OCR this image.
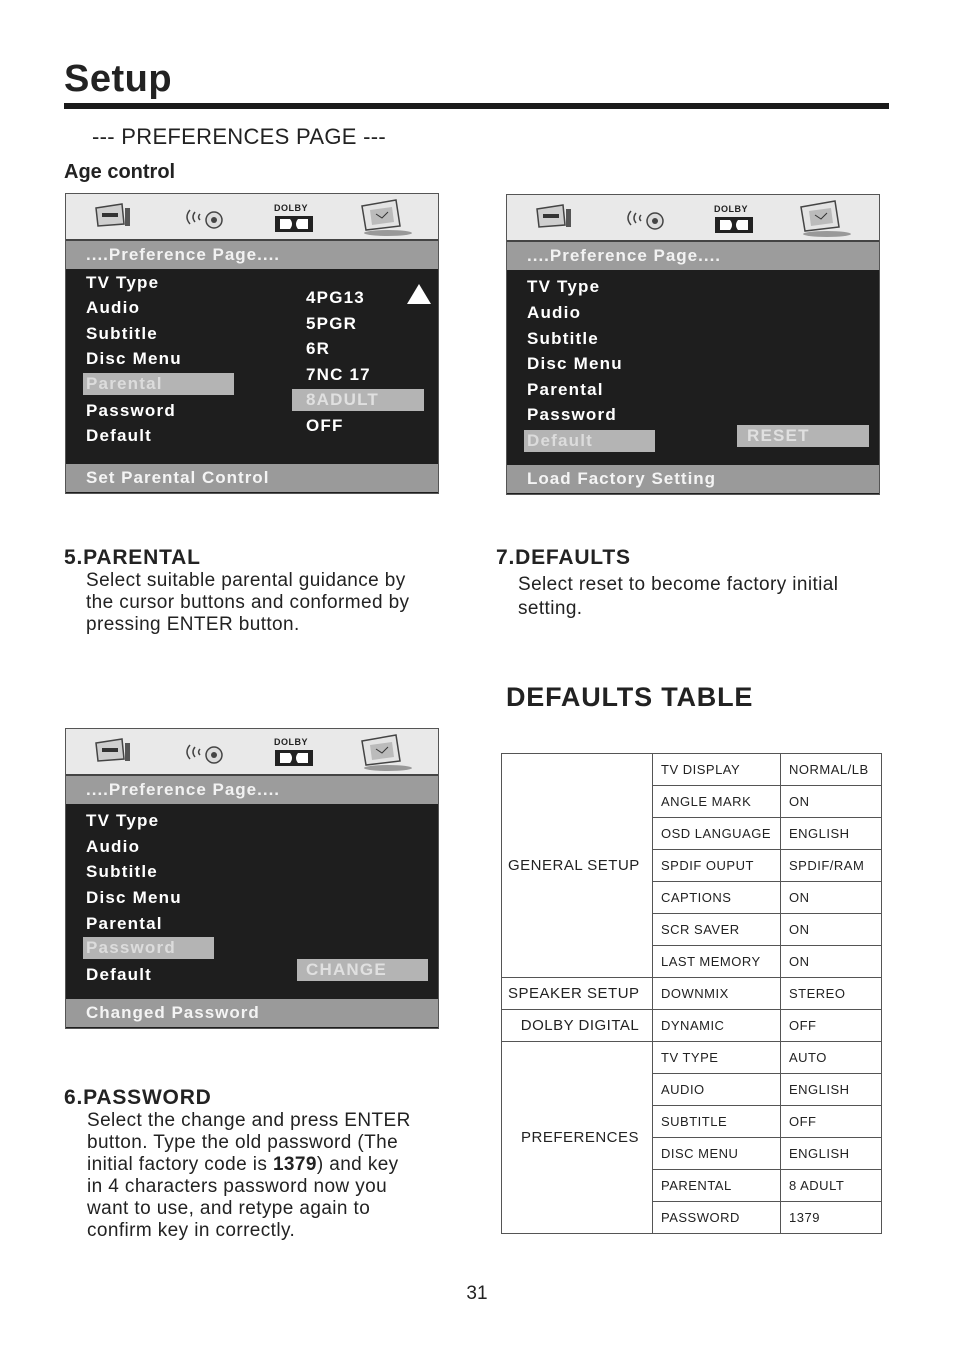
Setup
--- PREFERENCES PAGE ---
Age control
DOLBY
....Preference Page....
TV Type
Audio
Subtitle
Disc Menu
Parental
Password
Default
4PG13
5PGR
6R
7NC 17
8ADULT
OFF
Set Parental Control
DOLBY
....Preference Page....
TV Type
Audio
Subtitle
Disc Menu
Parental
Password
Default	RESET
Load Factory Setting
DOLBY
....Preference Page....
TV Type
Audio
Subtitle
Disc Menu
Parental
Password
Default	CHANGE
Changed Password
5.PARENTAL
Select suitable parental guidance by
the cursor buttons and conformed by
pressing ENTER button.
7.DEFAULTS
Select reset to become factory initial
setting.
6.PASSWORD
Select the change and press ENTER
button. Type the old password (The
initial factory code is 1379) and key
in 4 characters password now you
want to use, and retype again to
confirm key in correctly.
DEFAULTS TABLE
GENERAL SETUP	TV DISPLAY	NORMAL/LB
	ANGLE MARK	ON
	OSD LANGUAGE	ENGLISH
	SPDIF OUPUT	SPDIF/RAM
	CAPTIONS	ON
	SCR SAVER	ON
	LAST MEMORY	ON
SPEAKER SETUP	DOWNMIX	STEREO
DOLBY DIGITAL	DYNAMIC	OFF
PREFERENCES	TV TYPE	AUTO
	AUDIO	ENGLISH
	SUBTITLE	OFF
	DISC MENU	ENGLISH
	PARENTAL	8 ADULT
	PASSWORD	1379
31
